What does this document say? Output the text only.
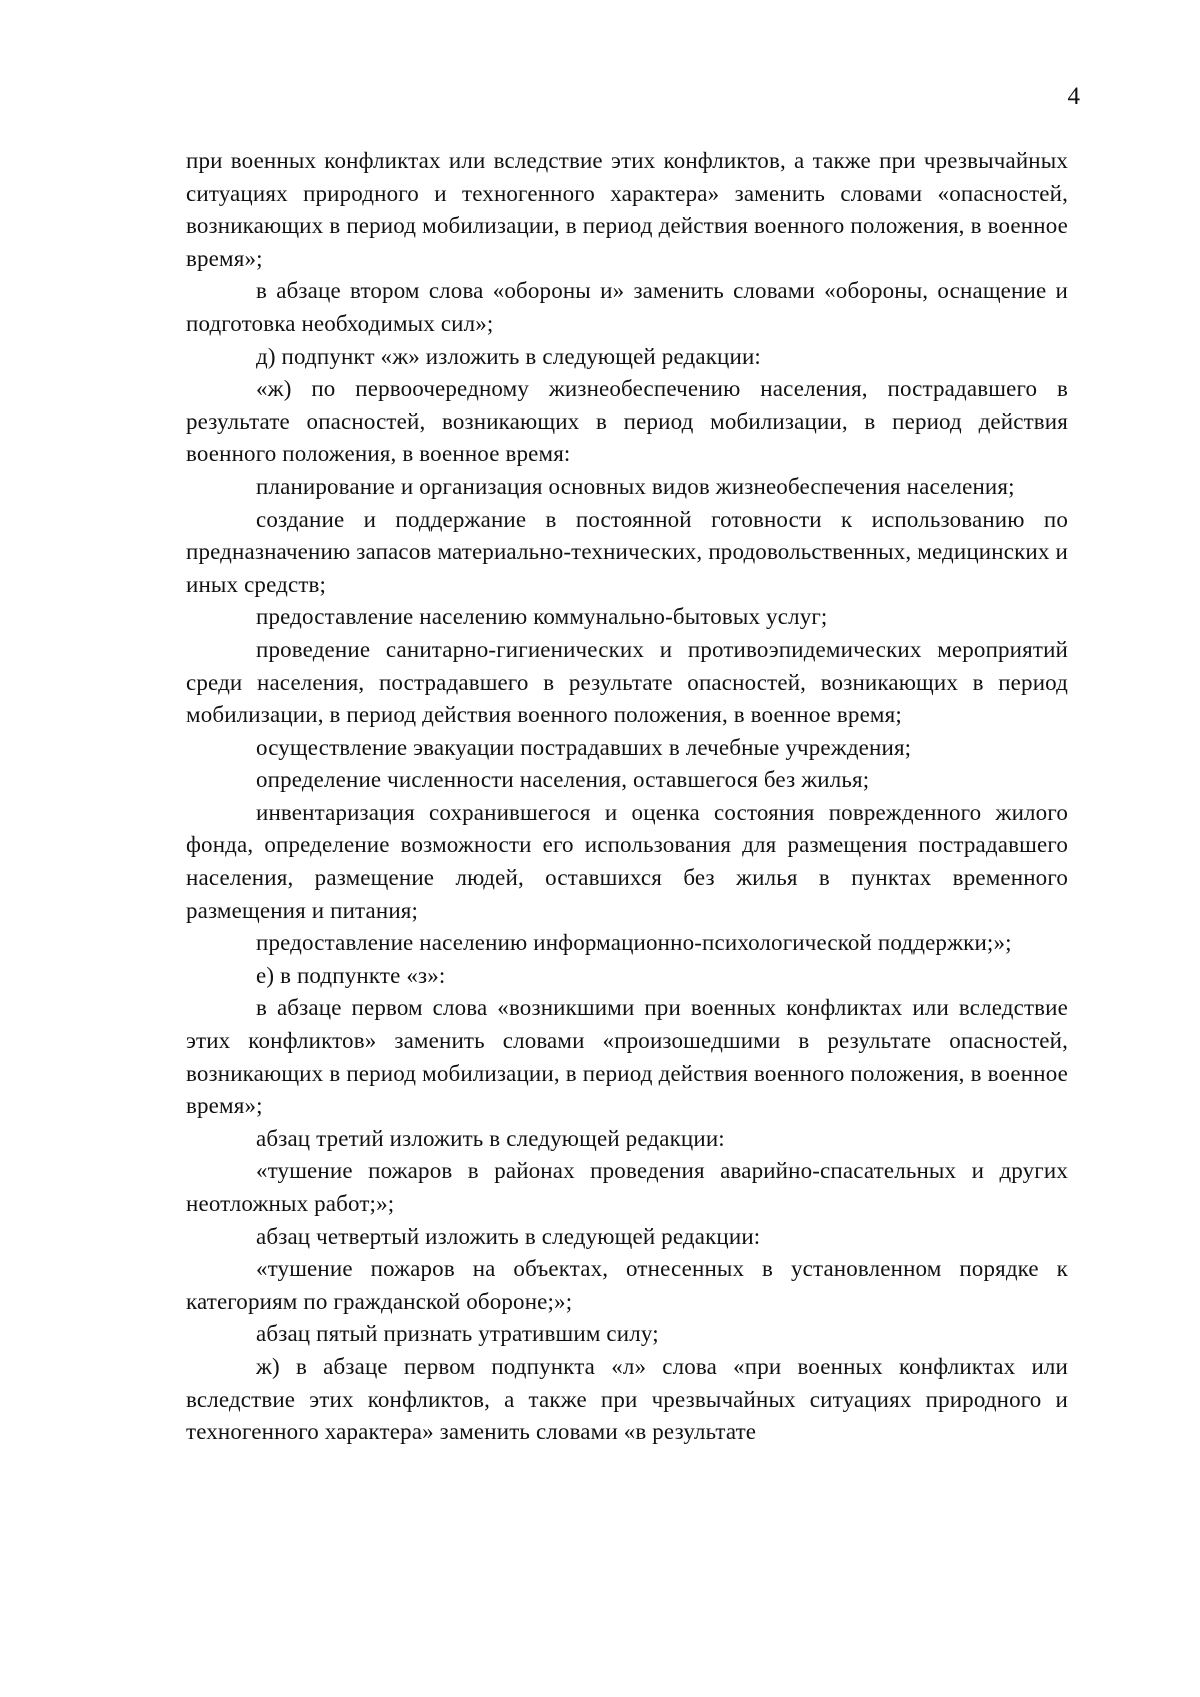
4

при военных конфликтах или вследствие этих конфликтов, а также при чрезвычайных ситуациях природного и техногенного характера» заменить словами «опасностей, возникающих в период мобилизации, в период действия военного положения, в военное время»;

в абзаце втором слова «обороны и» заменить словами «обороны, оснащение и подготовка необходимых сил»;

д) подпункт «ж» изложить в следующей редакции:

«ж) по первоочередному жизнеобеспечению населения, пострадавшего в результате опасностей, возникающих в период мобилизации, в период действия военного положения, в военное время:

планирование и организация основных видов жизнеобеспечения населения;

создание и поддержание в постоянной готовности к использованию по предназначению запасов материально-технических, продовольственных, медицинских и иных средств;

предоставление населению коммунально-бытовых услуг;

проведение санитарно-гигиенических и противоэпидемических мероприятий среди населения, пострадавшего в результате опасностей, возникающих в период мобилизации, в период действия военного положения, в военное время;

осуществление эвакуации пострадавших в лечебные учреждения;

определение численности населения, оставшегося без жилья;

инвентаризация сохранившегося и оценка состояния поврежденного жилого фонда, определение возможности его использования для размещения пострадавшего населения, размещение людей, оставшихся без жилья в пунктах временного размещения и питания;

предоставление населению информационно-психологической поддержки;»;

е) в подпункте «з»:

в абзаце первом слова «возникшими при военных конфликтах или вследствие этих конфликтов» заменить словами «произошедшими в результате опасностей, возникающих в период мобилизации, в период действия военного положения, в военное время»;

абзац третий изложить в следующей редакции:

«тушение пожаров в районах проведения аварийно-спасательных и других неотложных работ;»;

абзац четвертый изложить в следующей редакции:

«тушение пожаров на объектах, отнесенных в установленном порядке к категориям по гражданской обороне;»;

абзац пятый признать утратившим силу;

ж) в абзаце первом подпункта «л» слова «при военных конфликтах или вследствие этих конфликтов, а также при чрезвычайных ситуациях природного и техногенного характера» заменить словами «в результате
